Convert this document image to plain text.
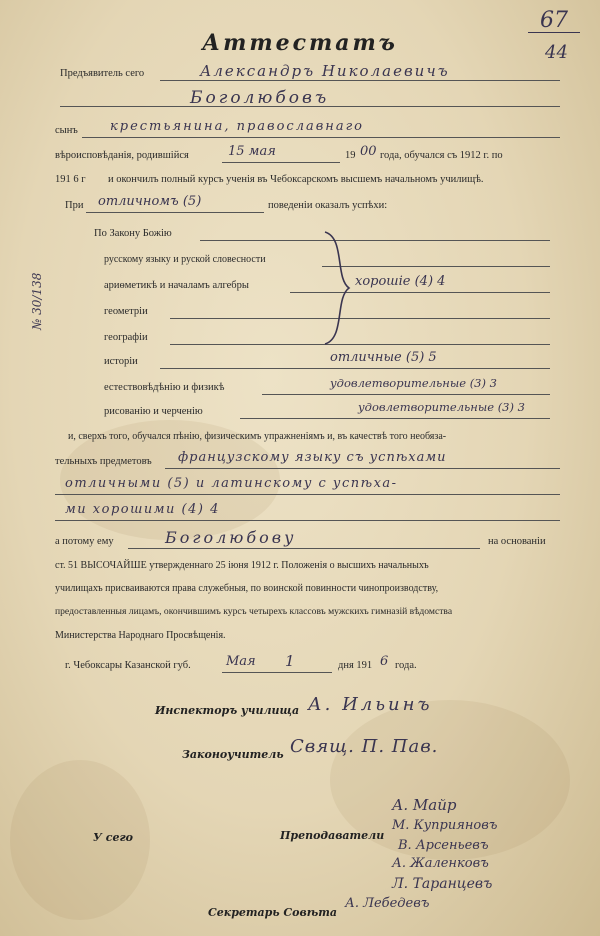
67
44
№ 30/138
Аттестатъ
Предъявитель сего	Александръ Николаевичъ
Боголюбовъ
сынъ крестьянина, православнаго
вѣроисповѣданія, родившійся	15 мая	19 00 года, обучался съ 1912 г. по
191 6 г и окончилъ полный курсъ ученія въ Чебоксарскомъ высшемъ начальномъ училищѣ.
При отличномъ (5)	поведеніи оказалъ успѣхи:
По Закону Божію
русскому языку и руской словесности
ариѳметикѣ и началамъ алгебры	хорошіе (4) 4
геометріи
географіи
исторіи	отличные (5) 5
естествовѣдѣнію и физикѣ	удовлетворительные (3) 3
рисованію и черченію	удовлетворительные (3) 3
и, сверхъ того, обучался пѣнію, физическимъ упражненіямъ и, въ качествѣ того необяза-
тельныхъ предметовъ французскому языку съ успѣхами
отличными (5) и латинскому с успѣха-
ми хорошими (4) 4
а потому ему	Боголюбову	на основаніи
ст. 51 ВЫСОЧАЙШЕ утвержденнаго 25 іюня 1912 г. Положенія о высшихъ начальныхъ
училищахъ присваиваются права служебныя, по воинской повинности чинопроизводству,
предоставленныя лицамъ, окончившимъ курсъ четырехъ классовъ мужскихъ гимназій вѣдомства
Министерства Народнаго Просвѣщенія.
г. Чебоксары Казанской губ.	Мая 1	дня 191 6 года.
Инспекторъ училища А. Ильинъ
Законоучитель Свящ. П. Пав.
У сего	Преподаватели
А. Майр
М. Куприяновъ
В. Арсеньевъ
А. Жаленковъ
Л. Таранцевъ
Секретарь Совѣта
А. Лебедевъ
